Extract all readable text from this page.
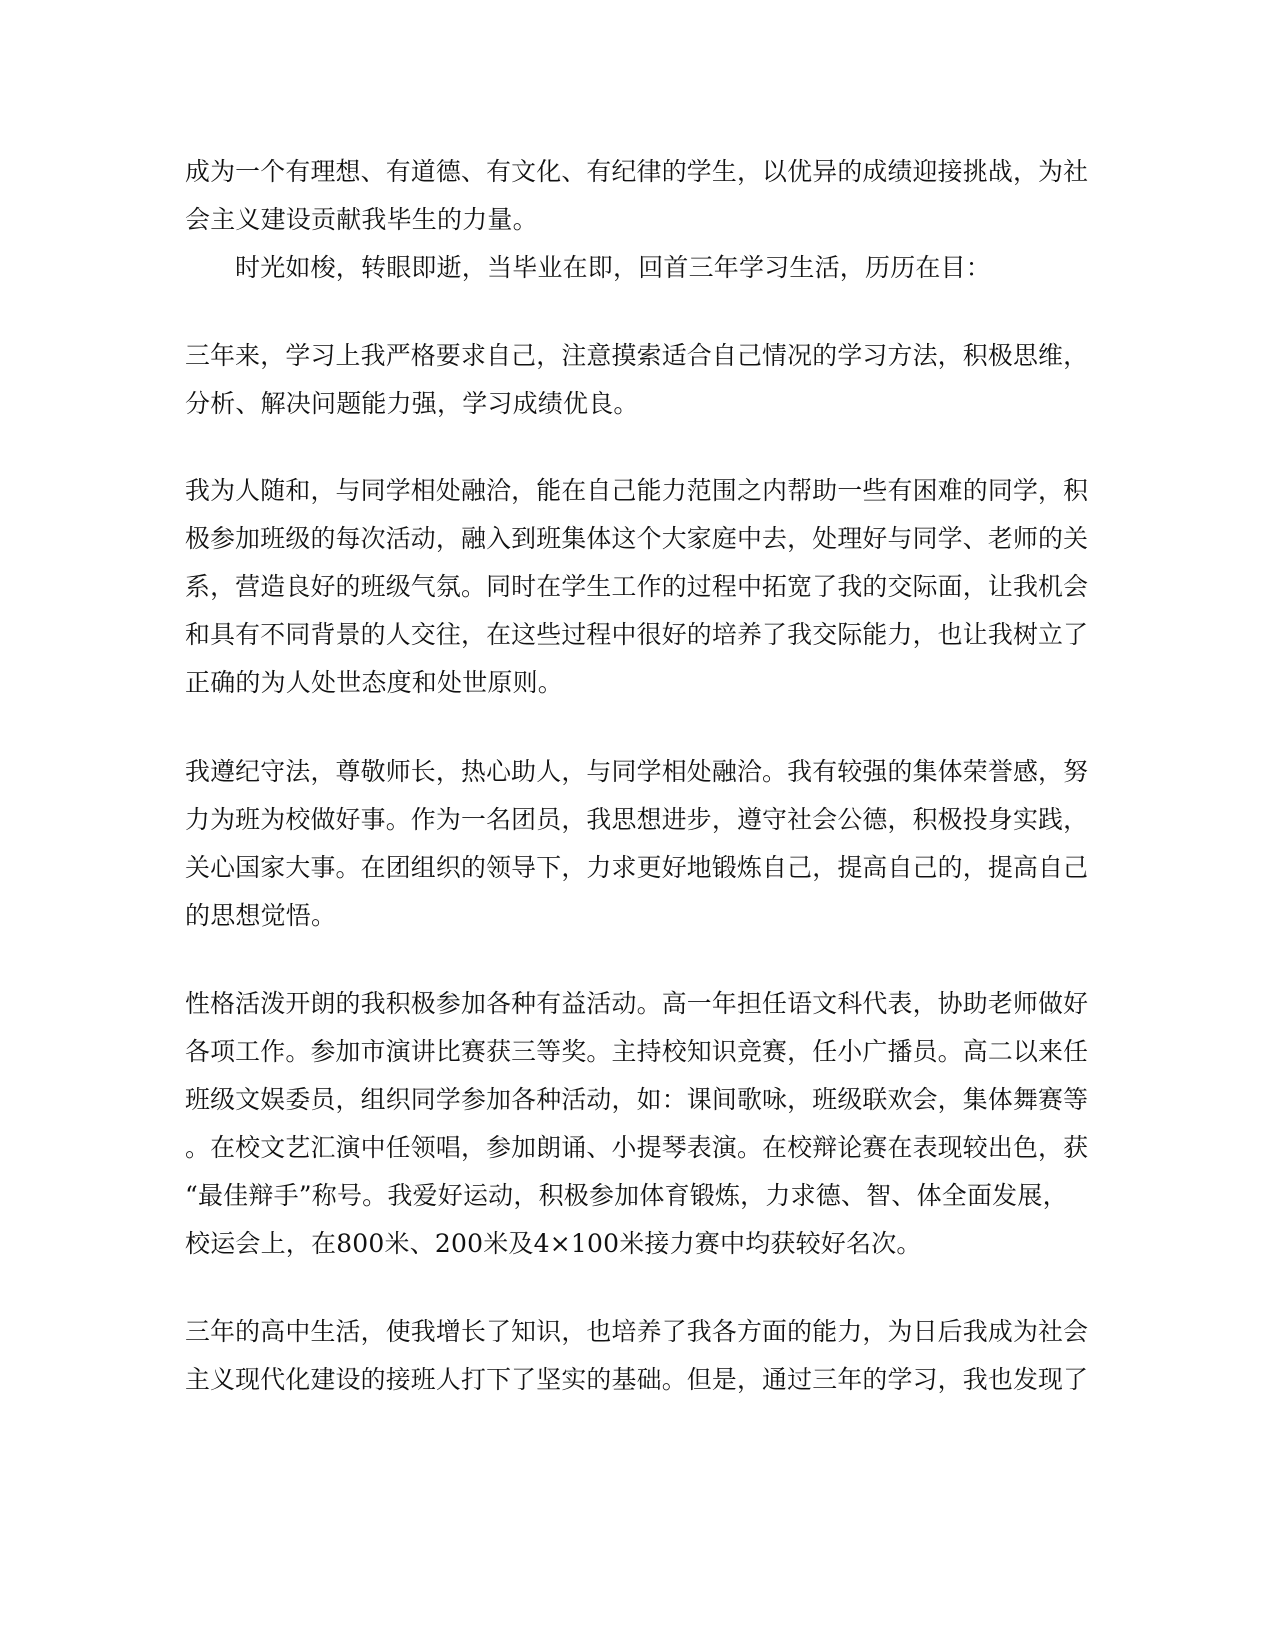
成为一个有理想、有道德、有文化、有纪律的学生，以优异的成绩迎接挑战，为社
会主义建设贡献我毕生的力量。
时光如梭，转眼即逝，当毕业在即，回首三年学习生活，历历在目：
三年来，学习上我严格要求自己，注意摸索适合自己情况的学习方法，积极思维，
分析、解决问题能力强，学习成绩优良。
我为人随和，与同学相处融洽，能在自己能力范围之内帮助一些有困难的同学，积
极参加班级的每次活动，融入到班集体这个大家庭中去，处理好与同学、老师的关
系，营造良好的班级气氛。同时在学生工作的过程中拓宽了我的交际面，让我机会
和具有不同背景的人交往，在这些过程中很好的培养了我交际能力，也让我树立了
正确的为人处世态度和处世原则。
我遵纪守法，尊敬师长，热心助人，与同学相处融洽。我有较强的集体荣誉感，努
力为班为校做好事。作为一名团员，我思想进步，遵守社会公德，积极投身实践，
关心国家大事。在团组织的领导下，力求更好地锻炼自己，提高自己的，提高自己
的思想觉悟。
性格活泼开朗的我积极参加各种有益活动。高一年担任语文科代表，协助老师做好
各项工作。参加市演讲比赛获三等奖。主持校知识竞赛，任小广播员。高二以来任
班级文娱委员，组织同学参加各种活动，如：课间歌咏，班级联欢会，集体舞赛等
。在校文艺汇演中任领唱，参加朗诵、小提琴表演。在校辩论赛在表现较出色，获
“最佳辩手”称号。我爱好运动，积极参加体育锻炼，力求德、智、体全面发展，
校运会上，在800米、200米及4×100米接力赛中均获较好名次。
三年的高中生活，使我增长了知识，也培养了我各方面的能力，为日后我成为社会
主义现代化建设的接班人打下了坚实的基础。但是，通过三年的学习，我也发现了
